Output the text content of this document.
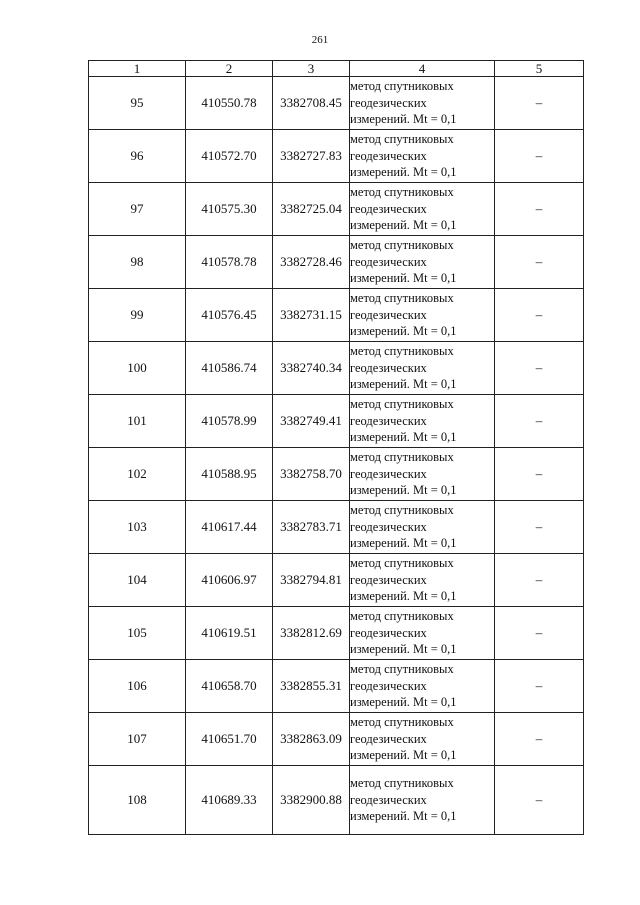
261
1	2	3	4	5
95	410550.78	3382708.45	метод спутниковых
геодезических
измерений. Mt = 0,1	–
96	410572.70	3382727.83	метод спутниковых
геодезических
измерений. Mt = 0,1	–
97	410575.30	3382725.04	метод спутниковых
геодезических
измерений. Mt = 0,1	–
98	410578.78	3382728.46	метод спутниковых
геодезических
измерений. Mt = 0,1	–
99	410576.45	3382731.15	метод спутниковых
геодезических
измерений. Mt = 0,1	–
100	410586.74	3382740.34	метод спутниковых
геодезических
измерений. Mt = 0,1	–
101	410578.99	3382749.41	метод спутниковых
геодезических
измерений. Mt = 0,1	–
102	410588.95	3382758.70	метод спутниковых
геодезических
измерений. Mt = 0,1	–
103	410617.44	3382783.71	метод спутниковых
геодезических
измерений. Mt = 0,1	–
104	410606.97	3382794.81	метод спутниковых
геодезических
измерений. Mt = 0,1	–
105	410619.51	3382812.69	метод спутниковых
геодезических
измерений. Mt = 0,1	–
106	410658.70	3382855.31	метод спутниковых
геодезических
измерений. Mt = 0,1	–
107	410651.70	3382863.09	метод спутниковых
геодезических
измерений. Mt = 0,1	–
108	410689.33	3382900.88	метод спутниковых
геодезических
измерений. Mt = 0,1	–
